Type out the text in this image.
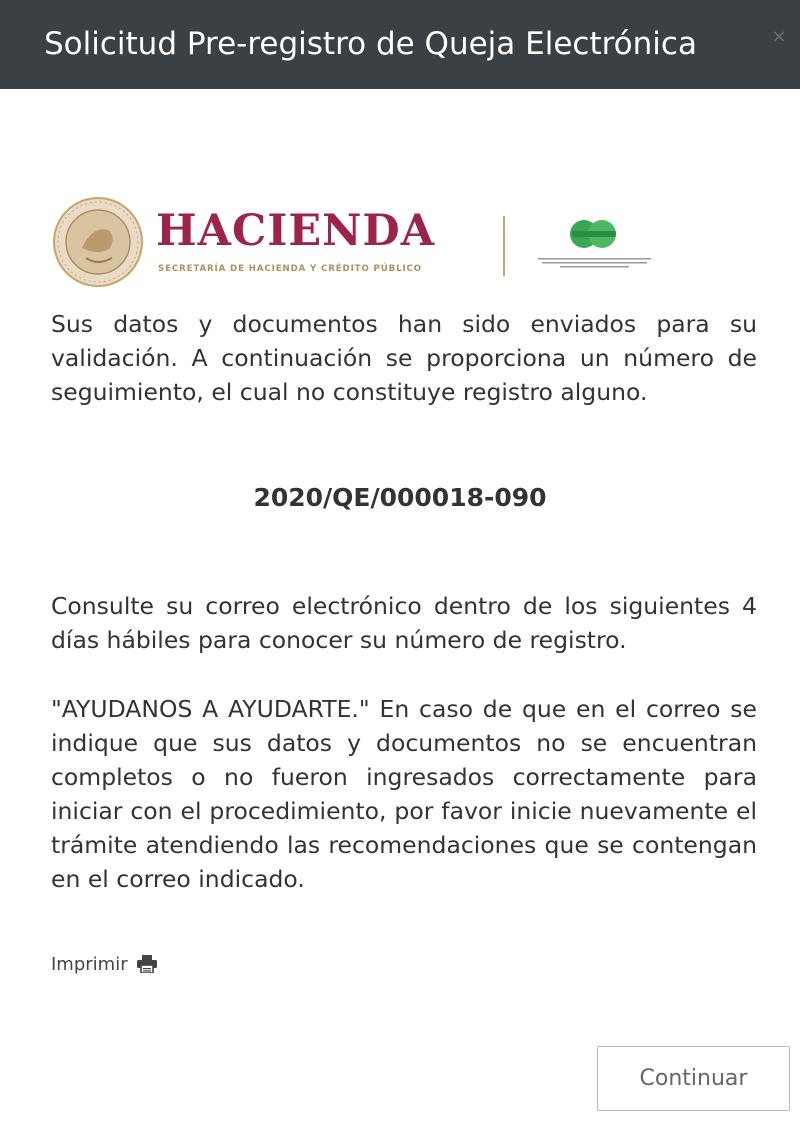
Solicitud Pre-registro de Queja Electrónica	×
HACIENDA
SECRETARÍA DE HACIENDA Y CRÉDITO PÚBLICO

Sus datos y documentos han sido enviados para su validación. A continuación se proporciona un número de seguimiento, el cual no constituye registro alguno.

2020/QE/000018-090

Consulte su correo electrónico dentro de los siguientes 4 días hábiles para conocer su número de registro.

"AYUDANOS A AYUDARTE." En caso de que en el correo se indique que sus datos y documentos no se encuentran completos o no fueron ingresados correctamente para iniciar con el procedimiento, por favor inicie nuevamente el trámite atendiendo las recomendaciones que se contengan en el correo indicado.

Imprimir
Continuar
